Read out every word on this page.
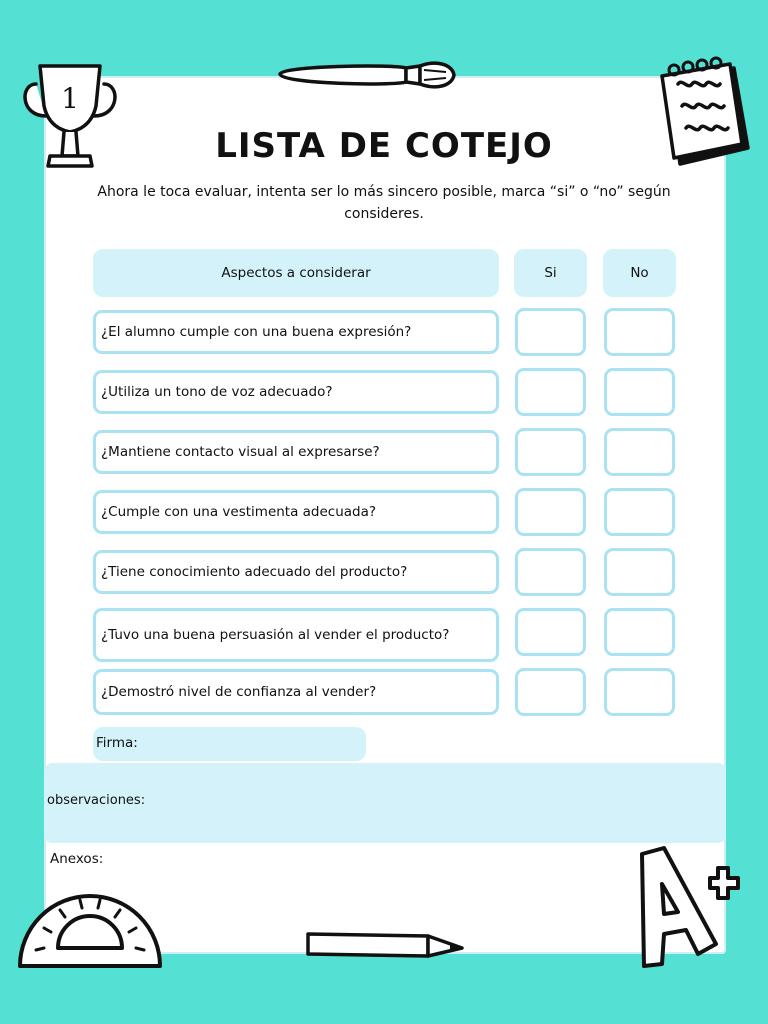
1
LISTA DE COTEJO
Ahora le toca evaluar, intenta ser lo más sincero posible, marca “si” o “no” según consideres.
Aspectos a considerar	Si	No
¿El alumno cumple con una buena expresión?
¿Utiliza un tono de voz adecuado?
¿Mantiene contacto visual al expresarse?
¿Cumple con una vestimenta adecuada?
¿Tiene conocimiento adecuado del producto?
¿Tuvo una buena persuasión al vender el producto?
¿Demostró nivel de confianza al vender?
Firma:
observaciones:
Anexos:
